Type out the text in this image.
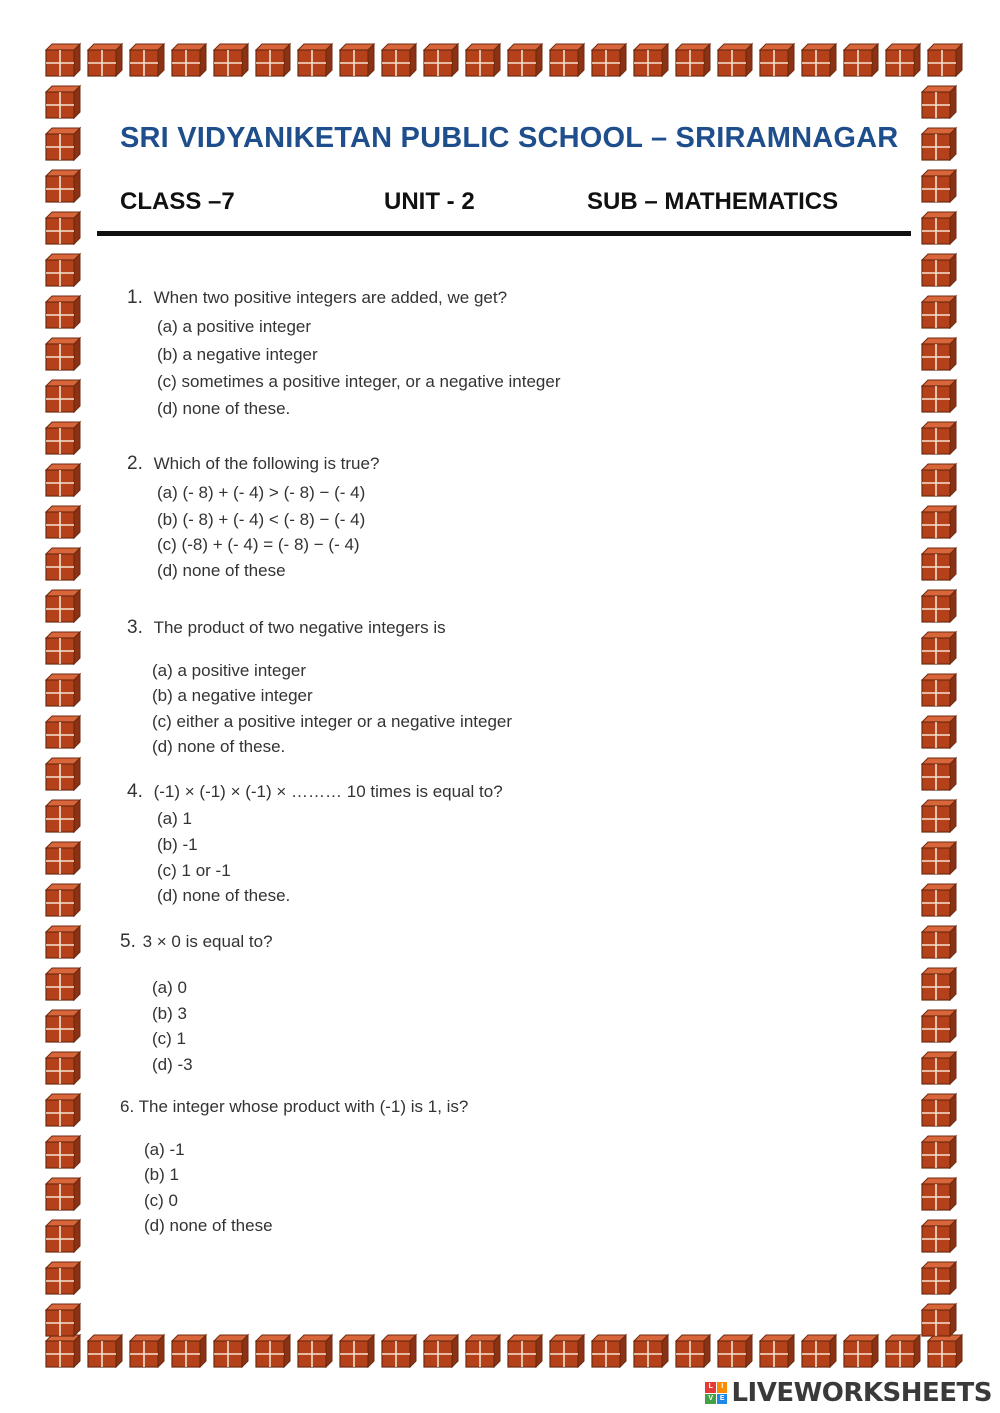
SRI VIDYANIKETAN PUBLIC SCHOOL – SRIRAMNAGAR
CLASS –7	UNIT - 2	SUB – MATHEMATICS
1. When two positive integers are added, we get?
(a) a positive integer
(b) a negative integer
(c) sometimes a positive integer, or a negative integer
(d) none of these.
2. Which of the following is true?
(a) (- 8) + (- 4) > (- 8) − (- 4)
(b) (- 8) + (- 4) < (- 8) − (- 4)
(c) (-8) + (- 4) = (- 8) − (- 4)
(d) none of these
3. The product of two negative integers is
(a) a positive integer
(b) a negative integer
(c) either a positive integer or a negative integer
(d) none of these.
4. (-1) × (-1) × (-1) × ……… 10 times is equal to?
(a) 1
(b) -1
(c) 1 or -1
(d) none of these.
5. 3 × 0 is equal to?
(a) 0
(b) 3
(c) 1
(d) -3
6. The integer whose product with (-1) is 1, is?
(a) -1
(b) 1
(c) 0
(d) none of these
L	I
V E LIVEWORKSHEETS
